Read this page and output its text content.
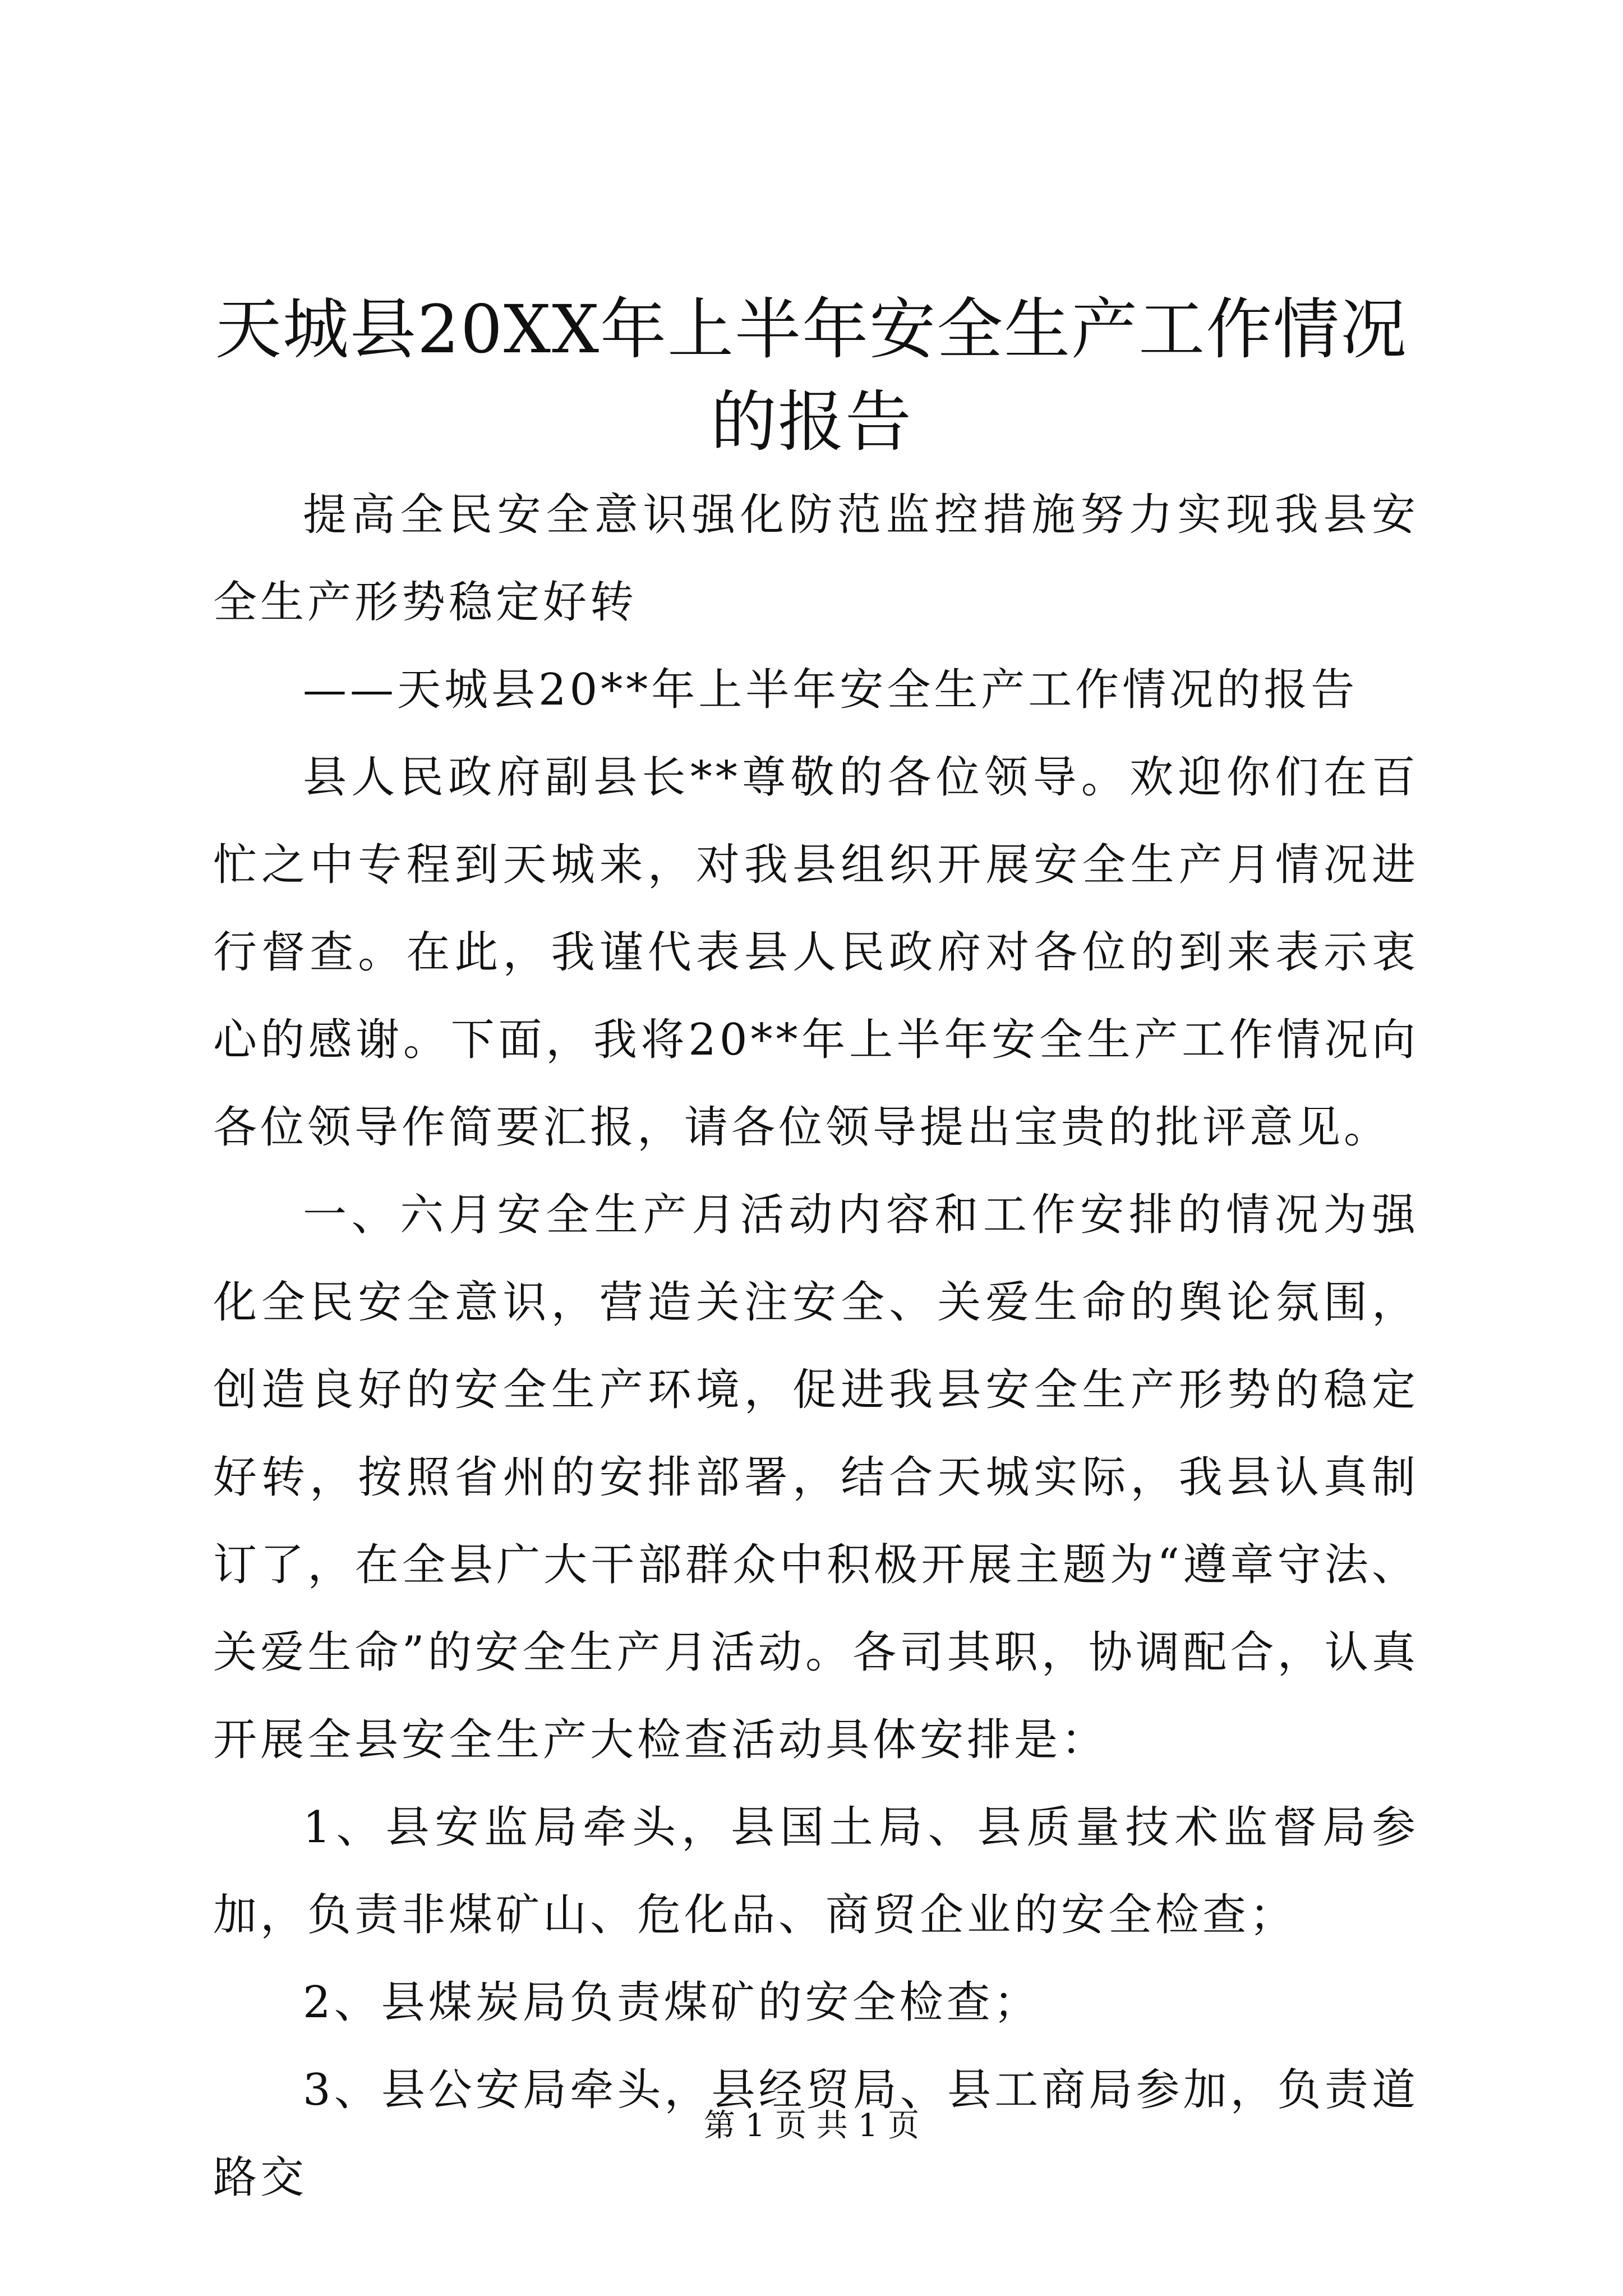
天城县20XX年上半年安全生产工作情况的报告

提高全民安全意识强化防范监控措施努力实现我县安全生产形势稳定好转

——天城县20**年上半年安全生产工作情况的报告

县人民政府副县长**尊敬的各位领导。欢迎你们在百忙之中专程到天城来，对我县组织开展安全生产月情况进行督查。在此，我谨代表县人民政府对各位的到来表示衷心的感谢。下面，我将20**年上半年安全生产工作情况向各位领导作简要汇报，请各位领导提出宝贵的批评意见。

一、六月安全生产月活动内容和工作安排的情况为强化全民安全意识，营造关注安全、关爱生命的舆论氛围，创造良好的安全生产环境，促进我县安全生产形势的稳定好转，按照省州的安排部署，结合天城实际，我县认真制订了，在全县广大干部群众中积极开展主题为“遵章守法、关爱生命”的安全生产月活动。各司其职，协调配合，认真开展全县安全生产大检查活动具体安排是：

1、县安监局牵头，县国土局、县质量技术监督局参加，负责非煤矿山、危化品、商贸企业的安全检查；

2、县煤炭局负责煤矿的安全检查；

3、县公安局牵头，县经贸局、县工商局参加，负责道路交

第 1 页 共 1 页
